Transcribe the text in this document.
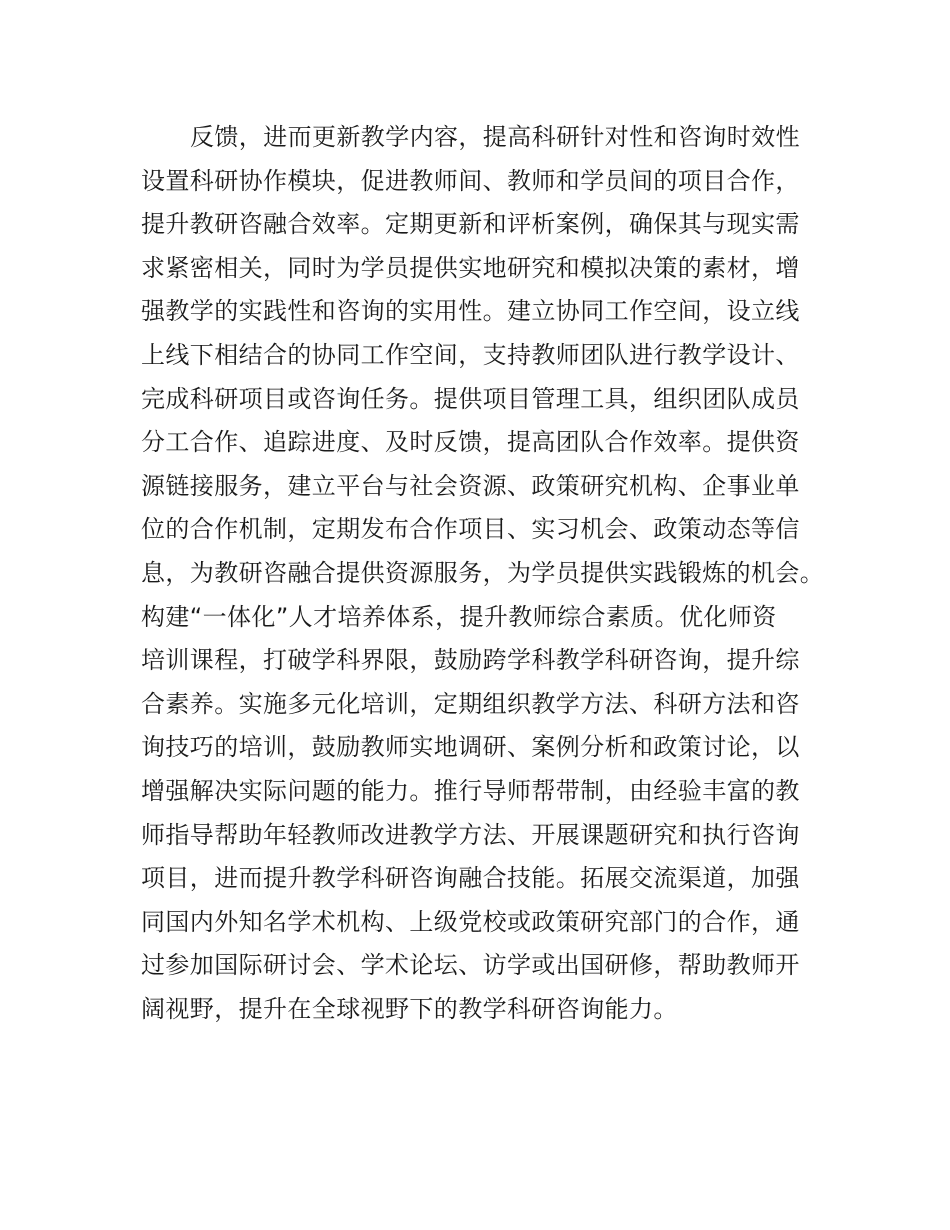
反馈，进而更新教学内容，提高科研针对性和咨询时效性
设置科研协作模块，促进教师间、教师和学员间的项目合作，
提升教研咨融合效率。定期更新和评析案例，确保其与现实需
求紧密相关，同时为学员提供实地研究和模拟决策的素材，增
强教学的实践性和咨询的实用性。建立协同工作空间，设立线
上线下相结合的协同工作空间，支持教师团队进行教学设计、
完成科研项目或咨询任务。提供项目管理工具，组织团队成员
分工合作、追踪进度、及时反馈，提高团队合作效率。提供资
源链接服务，建立平台与社会资源、政策研究机构、企事业单
位的合作机制，定期发布合作项目、实习机会、政策动态等信
息，为教研咨融合提供资源服务，为学员提供实践锻炼的机会。
构建“一体化”人才培养体系，提升教师综合素质。优化师资
培训课程，打破学科界限，鼓励跨学科教学科研咨询，提升综
合素养。实施多元化培训，定期组织教学方法、科研方法和咨
询技巧的培训，鼓励教师实地调研、案例分析和政策讨论，以
增强解决实际问题的能力。推行导师帮带制，由经验丰富的教
师指导帮助年轻教师改进教学方法、开展课题研究和执行咨询
项目，进而提升教学科研咨询融合技能。拓展交流渠道，加强
同国内外知名学术机构、上级党校或政策研究部门的合作，通
过参加国际研讨会、学术论坛、访学或出国研修，帮助教师开
阔视野，提升在全球视野下的教学科研咨询能力。
